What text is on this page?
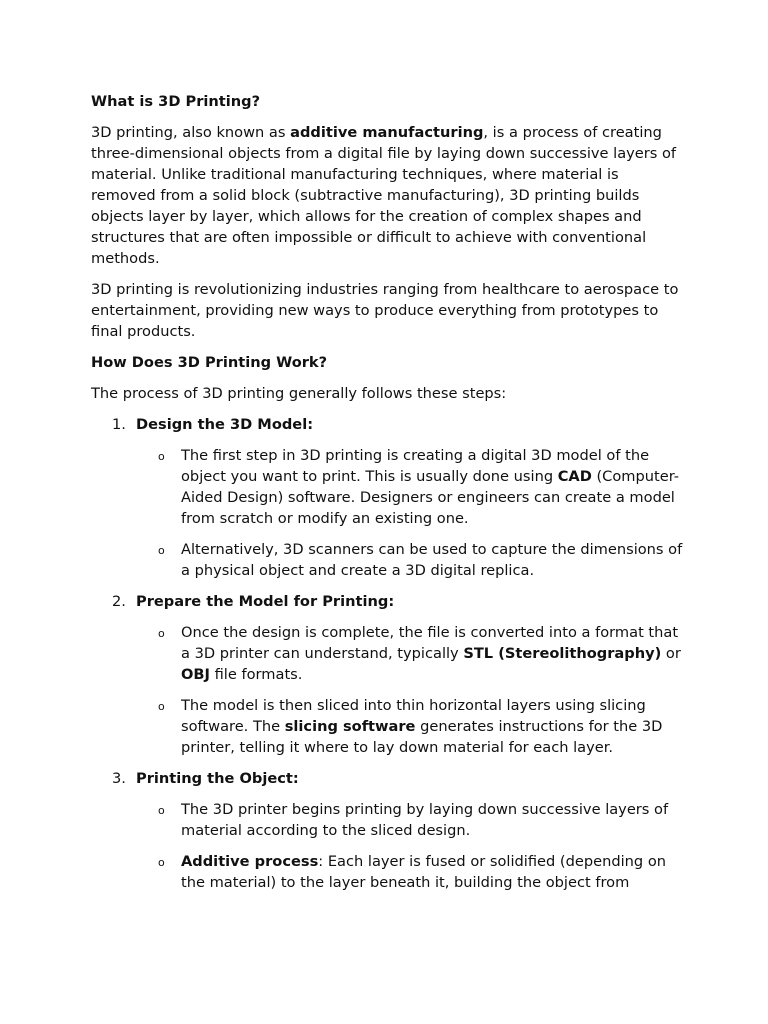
What is 3D Printing?

3D printing, also known as additive manufacturing, is a process of creating three-dimensional objects from a digital file by laying down successive layers of material. Unlike traditional manufacturing techniques, where material is removed from a solid block (subtractive manufacturing), 3D printing builds objects layer by layer, which allows for the creation of complex shapes and structures that are often impossible or difficult to achieve with conventional methods.

3D printing is revolutionizing industries ranging from healthcare to aerospace to entertainment, providing new ways to produce everything from prototypes to final products.

How Does 3D Printing Work?

The process of 3D printing generally follows these steps:

1. Design the 3D Model:
o The first step in 3D printing is creating a digital 3D model of the object you want to print. This is usually done using CAD (Computer-Aided Design) software. Designers or engineers can create a model from scratch or modify an existing one.
o Alternatively, 3D scanners can be used to capture the dimensions of a physical object and create a 3D digital replica.
2. Prepare the Model for Printing:
o Once the design is complete, the file is converted into a format that a 3D printer can understand, typically STL (Stereolithography) or OBJ file formats.
o The model is then sliced into thin horizontal layers using slicing software. The slicing software generates instructions for the 3D printer, telling it where to lay down material for each layer.
3. Printing the Object:
o The 3D printer begins printing by laying down successive layers of material according to the sliced design.
o Additive process: Each layer is fused or solidified (depending on the material) to the layer beneath it, building the object from
